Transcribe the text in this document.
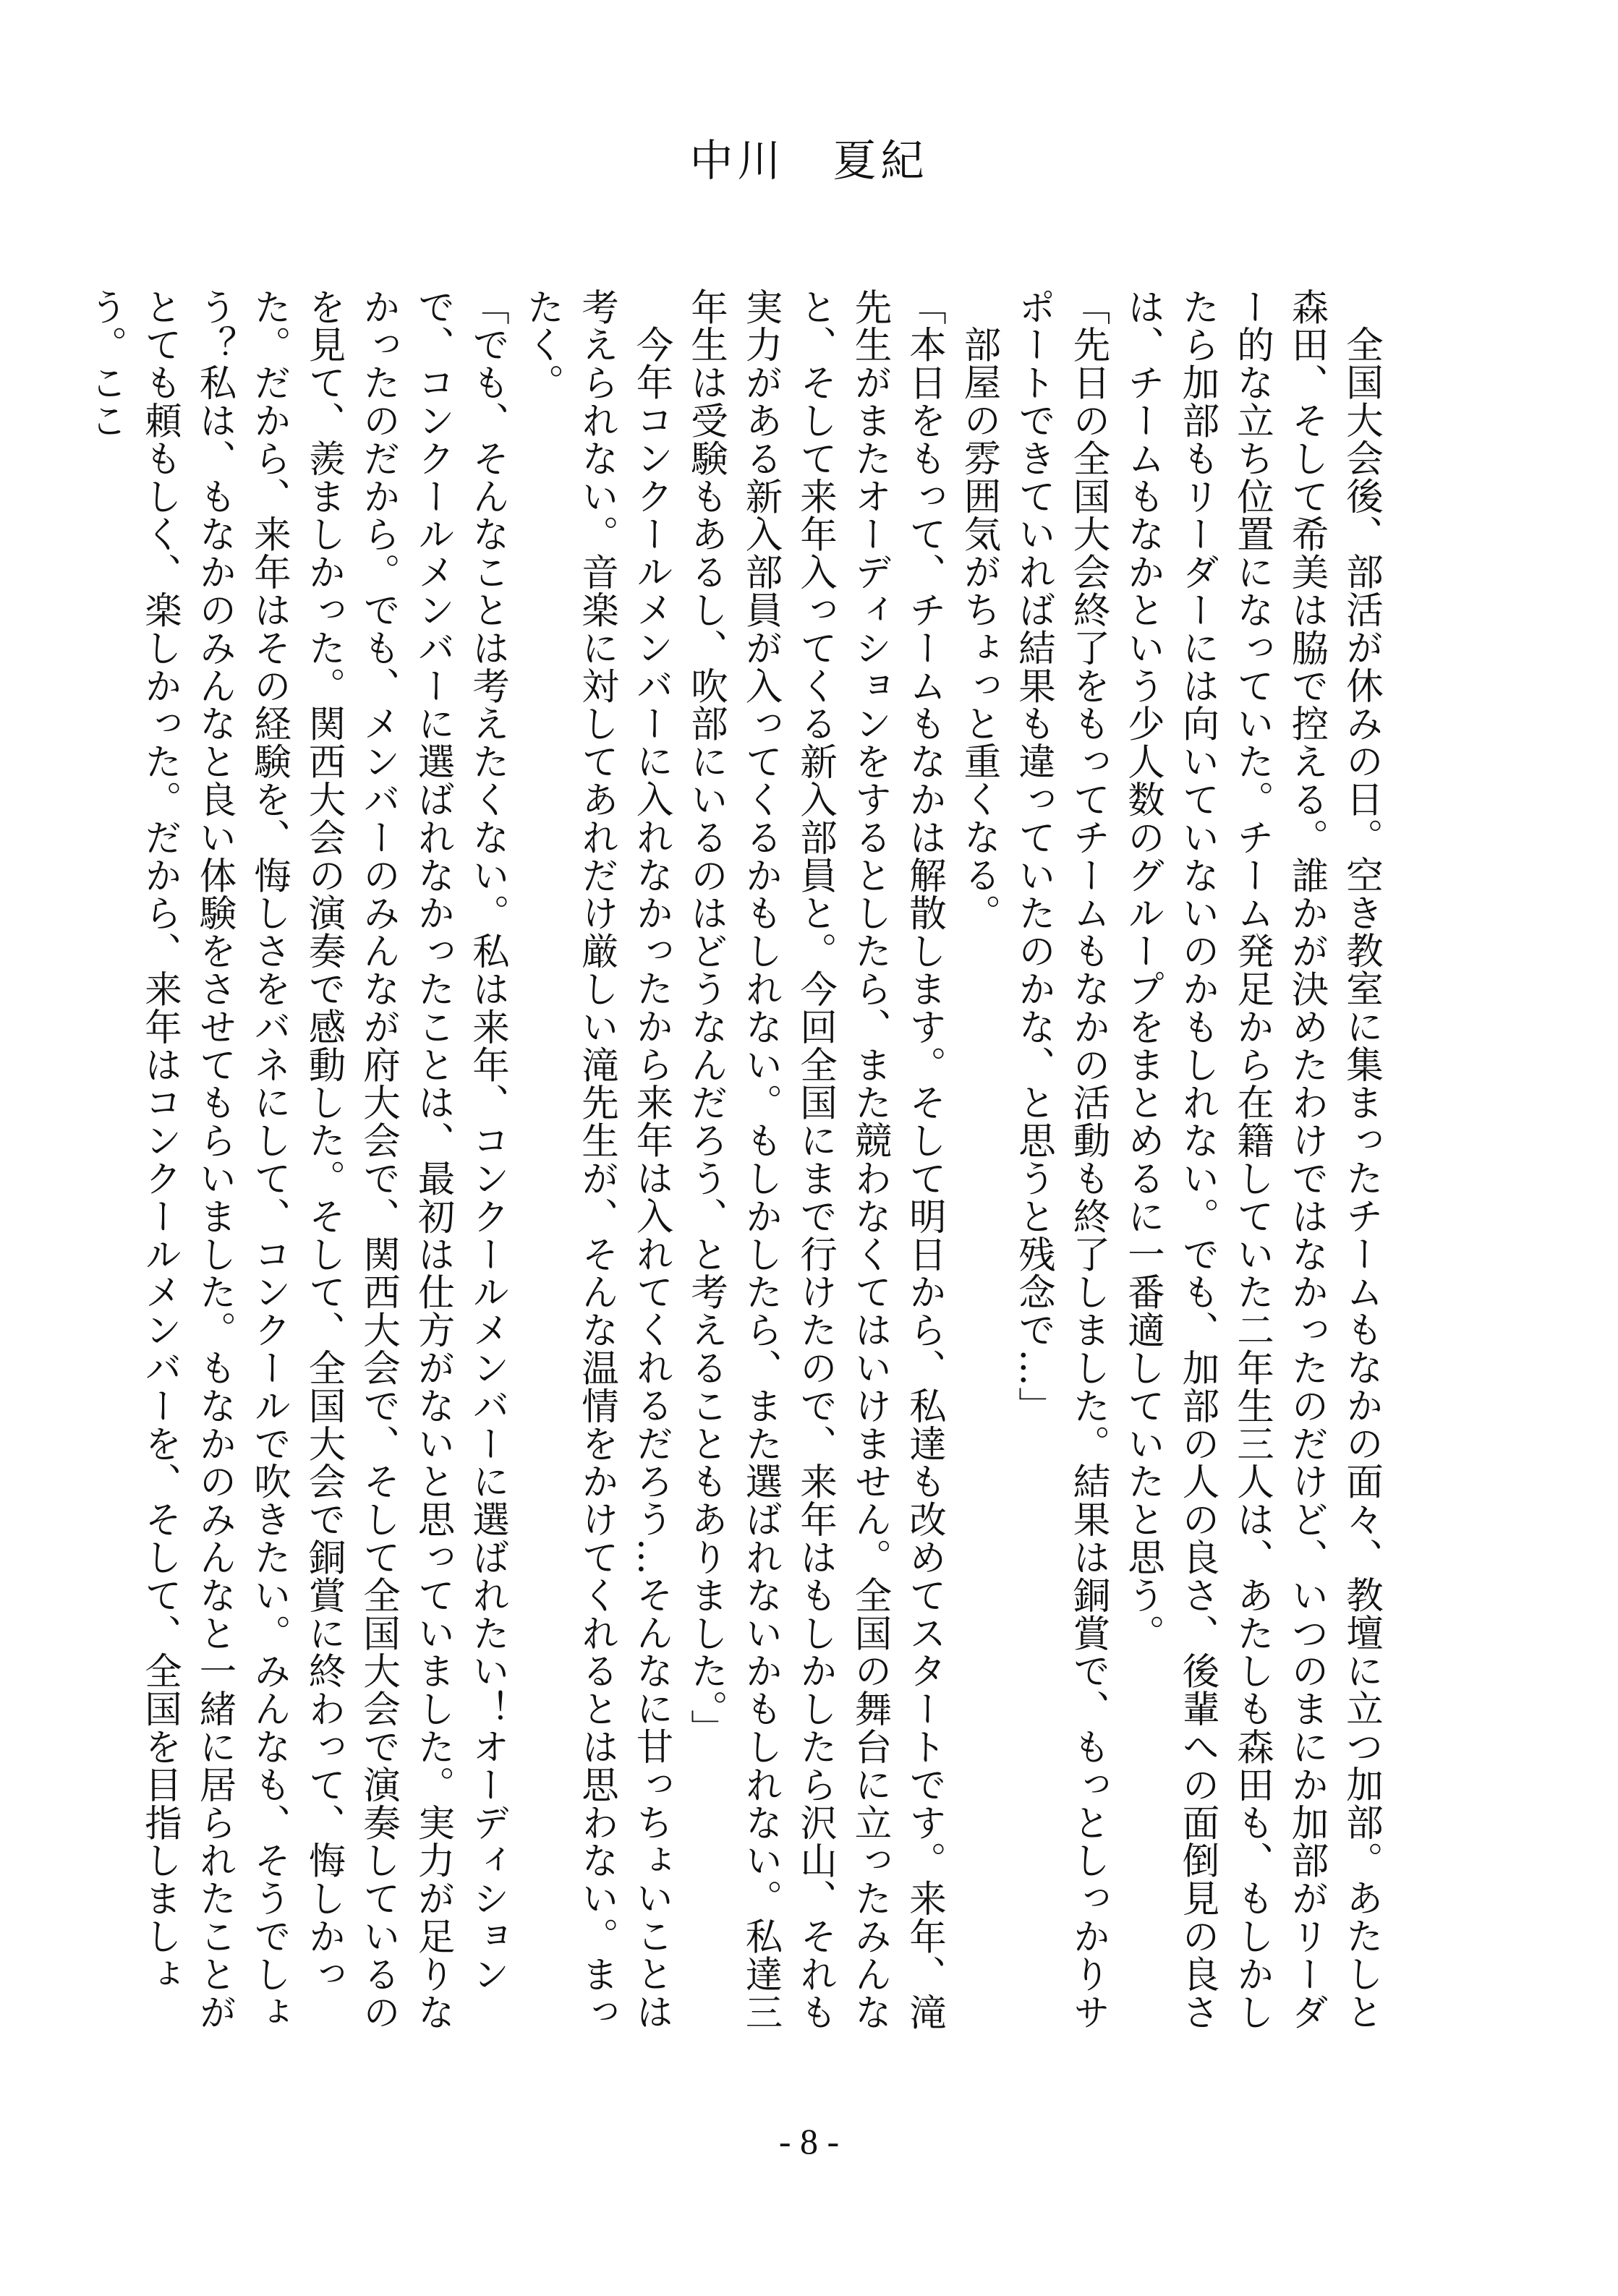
中川　夏紀

全国大会後、部活が休みの日。空き教室に集まったチームもなかの面々、教壇に立つ加部。あたしと森田、そして希美は脇で控える。誰かが決めたわけではなかったのだけど、いつのまにか加部がリーダー的な立ち位置になっていた。チーム発足から在籍していた二年生三人は、あたしも森田も、もしかしたら加部もリーダーには向いていないのかもしれない。でも、加部の人の良さ、後輩への面倒見の良さは、チームもなかという少人数のグループをまとめるに一番適していたと思う。

「先日の全国大会終了をもってチームもなかの活動も終了しました。結果は銅賞で、もっとしっかりサポートできていれば結果も違っていたのかな、と思うと残念で…」

部屋の雰囲気がちょっと重くなる。

「本日をもって、チームもなかは解散します。そして明日から、私達も改めてスタートです。来年、滝先生がまたオーディションをするとしたら、また競わなくてはいけません。全国の舞台に立ったみんなと、そして来年入ってくる新入部員と。今回全国にまで行けたので、来年はもしかしたら沢山、それも実力がある新入部員が入ってくるかもしれない。もしかしたら、また選ばれないかもしれない。私達三年生は受験もあるし、吹部にいるのはどうなんだろう、と考えることもありました。」

今年コンクールメンバーに入れなかったから来年は入れてくれるだろう…そんなに甘っちょいことは考えられない。音楽に対してあれだけ厳しい滝先生が、そんな温情をかけてくれるとは思わない。まったく。

「でも、そんなことは考えたくない。私は来年、コンクールメンバーに選ばれたい！オーディションで、コンクールメンバーに選ばれなかったことは、最初は仕方がないと思っていました。実力が足りなかったのだから。でも、メンバーのみんなが府大会で、関西大会で、そして全国大会で演奏しているのを見て、羨ましかった。関西大会の演奏で感動した。そして、全国大会で銅賞に終わって、悔しかった。だから、来年はその経験を、悔しさをバネにして、コンクールで吹きたい。みんなも、そうでしょう？私は、もなかのみんなと良い体験をさせてもらいました。もなかのみんなと一緒に居られたことがとても頼もしく、楽しかった。だから、来年はコンクールメンバーを、そして、全国を目指しましょう。ここ

- 8 -
